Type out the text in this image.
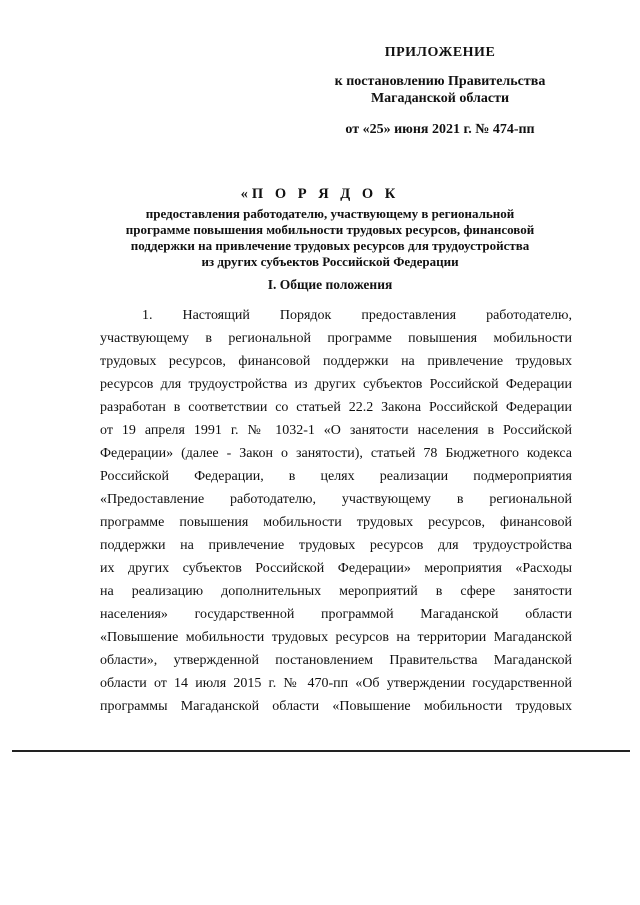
ПРИЛОЖЕНИЕ
к постановлению Правительства
Магаданской области
от «25» июня 2021 г. № 474-пп
«П О Р Я Д О К
предоставления работодателю, участвующему в региональной
программе повышения мобильности трудовых ресурсов, финансовой
поддержки на привлечение трудовых ресурсов для трудоустройства
из других субъектов Российской Федерации
I. Общие положения
1. Настоящий Порядок предоставления работодателю,
участвующему в региональной программе повышения мобильности
трудовых ресурсов, финансовой поддержки на привлечение трудовых
ресурсов для трудоустройства из других субъектов Российской Федерации
разработан в соответствии со статьей 22.2 Закона Российской Федерации
от 19 апреля 1991 г. № 1032-1 «О занятости населения в Российской
Федерации» (далее - Закон о занятости), статьей 78 Бюджетного кодекса
Российской Федерации, в целях реализации подмероприятия
«Предоставление работодателю, участвующему в региональной
программе повышения мобильности трудовых ресурсов, финансовой
поддержки на привлечение трудовых ресурсов для трудоустройства
их других субъектов Российской Федерации» мероприятия «Расходы
на реализацию дополнительных мероприятий в сфере занятости
населения» государственной программой Магаданской области
«Повышение мобильности трудовых ресурсов на территории Магаданской
области», утвержденной постановлением Правительства Магаданской
области от 14 июля 2015 г. № 470-пп «Об утверждении государственной
программы Магаданской области «Повышение мобильности трудовых
